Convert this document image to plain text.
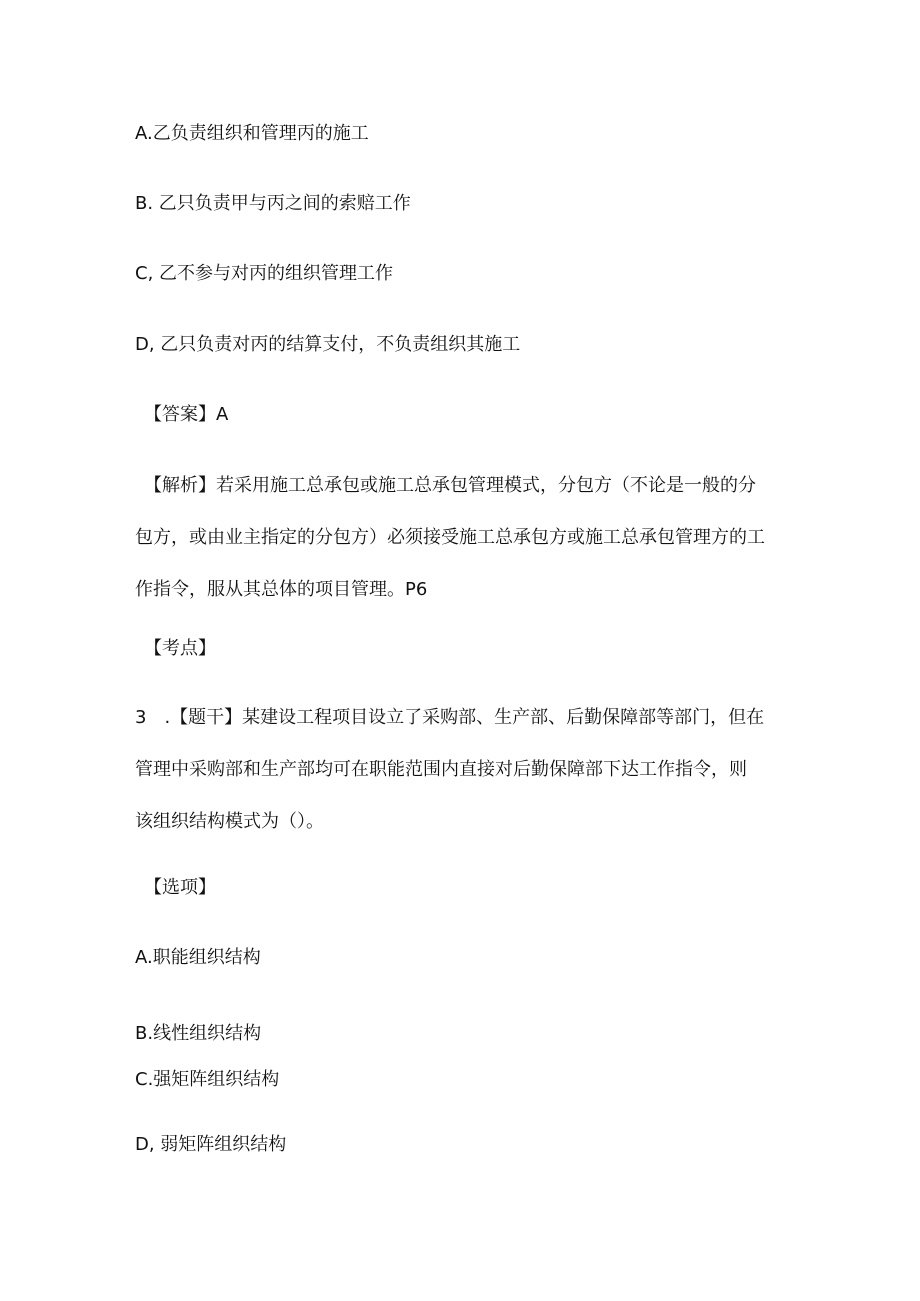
A.乙负责组织和管理丙的施工

B. 乙只负责甲与丙之间的索赔工作

C, 乙不参与对丙的组织管理工作

D, 乙只负责对丙的结算支付，不负责组织其施工

【答案】A

【解析】若采用施工总承包或施工总承包管理模式，分包方（不论是一般的分
包方，或由业主指定的分包方）必须接受施工总承包方或施工总承包管理方的工
作指令，服从其总体的项目管理。P6

【考点】

3　.【题干】某建设工程项目设立了采购部、生产部、后勤保障部等部门，但在
管理中采购部和生产部均可在职能范围内直接对后勤保障部下达工作指令，则
该组织结构模式为（）。

【选项】

A.职能组织结构

B.线性组织结构

C.强矩阵组织结构

D, 弱矩阵组织结构
